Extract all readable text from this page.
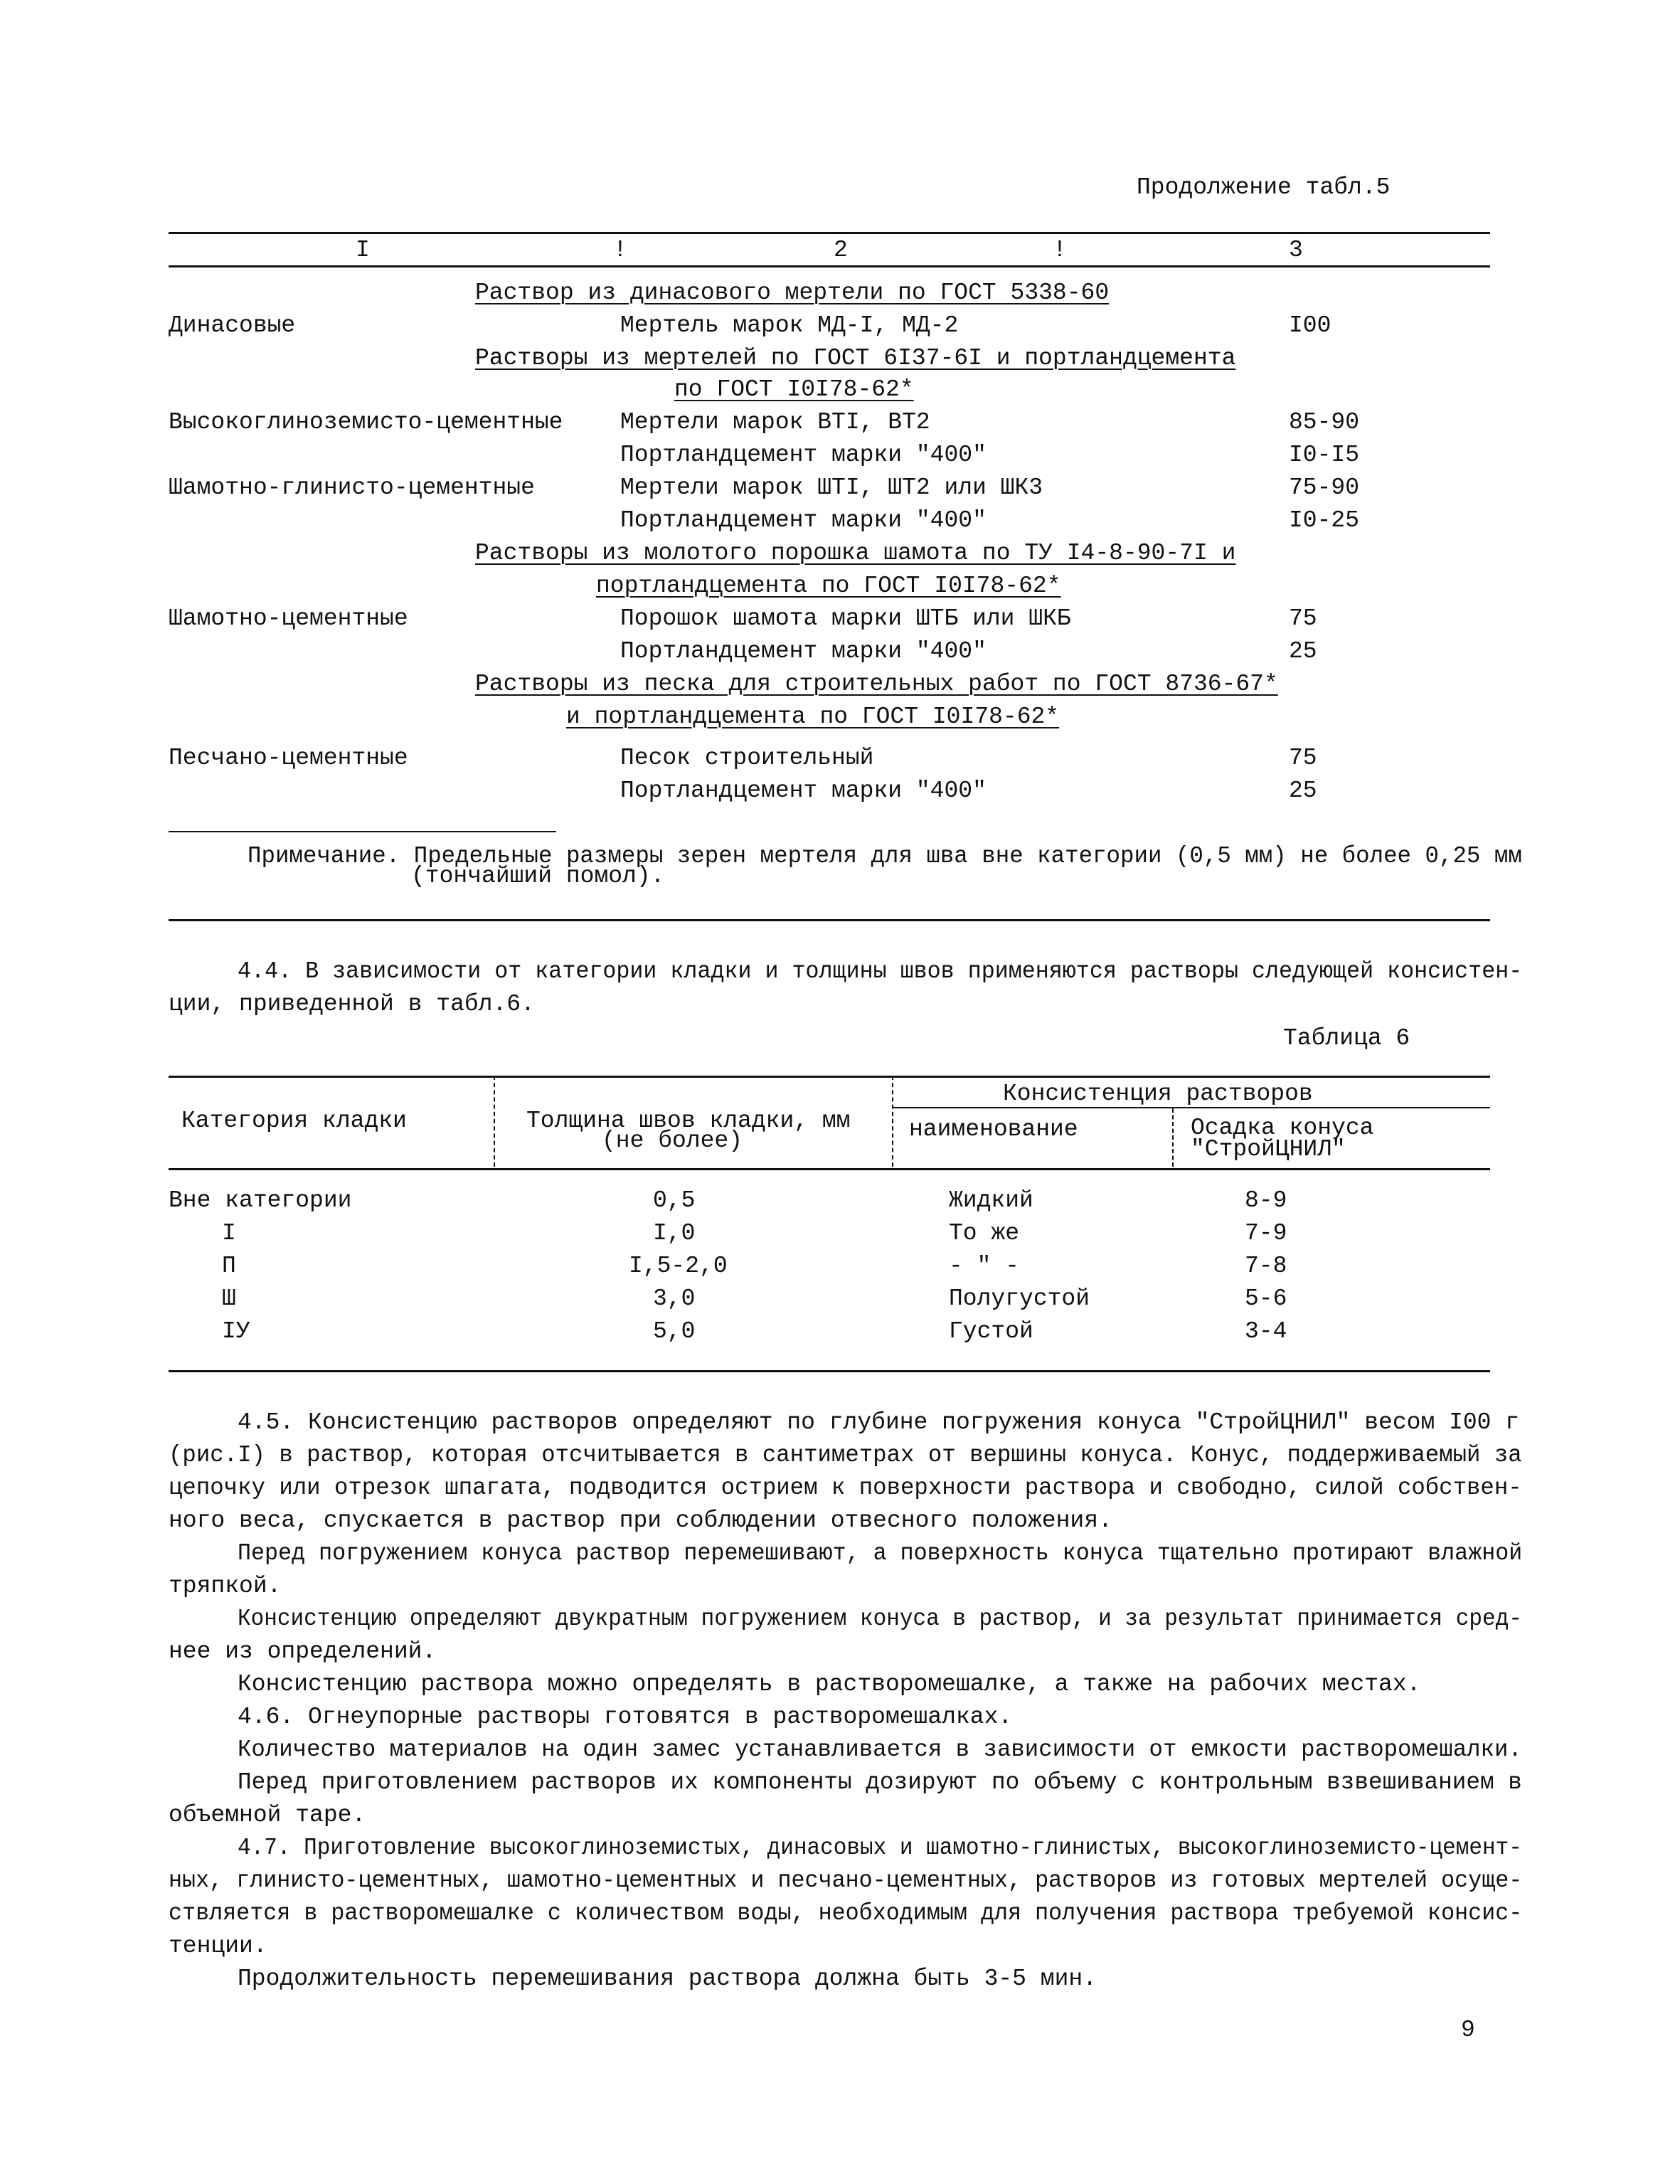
Продолжение табл.5
I	!	2	!	3
Раствор из динасового мертели по ГОСТ 5338-60
Динасовые	Мертель марок МД-I, МД-2	I00
Растворы из мертелей по ГОСТ 6I37-6I и портландцемента
по ГОСТ I0I78-62*
Высокоглиноземисто-цементные Мертели марок ВТI, ВТ2	85-90
Портландцемент марки "400"	I0-I5
Шамотно-глинисто-цементные	Мертели марок ШТI, ШТ2 или ШК3	75-90
Портландцемент марки "400"	I0-25
Растворы из молотого порошка шамота по ТУ I4-8-90-7I и
портландцемента по ГОСТ I0I78-62*
Шамотно-цементные	Порошок шамота марки ШТБ или ШКБ	75
Портландцемент марки "400"	25
Растворы из песка для строительных работ по ГОСТ 8736-67*
и портландцемента по ГОСТ I0I78-62*
Песчано-цементные	Песок строительный	75
Портландцемент марки "400"	25
Примечание. Предельные размеры зерен мертеля для шва вне категории (0,5 мм) не более 0,25 мм
(тончайший помол).
4.4. В зависимости от категории кладки и толщины швов применяются растворы следующей консистен-
ции, приведенной в табл.6.
Таблица 6
Категория кладки	Толщина швов кладки, мм
(не более)
Консистенция растворов
наименование	Осадка конуса
"СтройЦНИЛ"
Вне категории	0,5	Жидкий	8-9
I	I,0	То же	7-9
П	I,5-2,0	- " -	7-8
Ш	3,0	Полугустой	5-6
IУ	5,0	Густой	3-4
4.5. Консистенцию растворов определяют по глубине погружения конуса "СтройЦНИЛ" весом I00 г
(рис.I) в раствор, которая отсчитывается в сантиметрах от вершины конуса. Конус, поддерживаемый за
цепочку или отрезок шпагата, подводится острием к поверхности раствора и свободно, силой собствен-
ного веса, спускается в раствор при соблюдении отвесного положения.
Перед погружением конуса раствор перемешивают, а поверхность конуса тщательно протирают влажной
тряпкой.
Консистенцию определяют двукратным погружением конуса в раствор, и за результат принимается сред-
нее из определений.
Консистенцию раствора можно определять в растворомешалке, а также на рабочих местах.
4.6. Огнеупорные растворы готовятся в растворомешалках.
Количество материалов на один замес устанавливается в зависимости от емкости растворомешалки.
Перед приготовлением растворов их компоненты дозируют по объему с контрольным взвешиванием в
объемной таре.
4.7. Приготовление высокоглиноземистых, динасовых и шамотно-глинистых, высокоглиноземисто-цемент-
ных, глинисто-цементных, шамотно-цементных и песчано-цементных, растворов из готовых мертелей осуще-
ствляется в растворомешалке с количеством воды, необходимым для получения раствора требуемой консис-
тенции.
Продолжительность перемешивания раствора должна быть 3-5 мин.
9
